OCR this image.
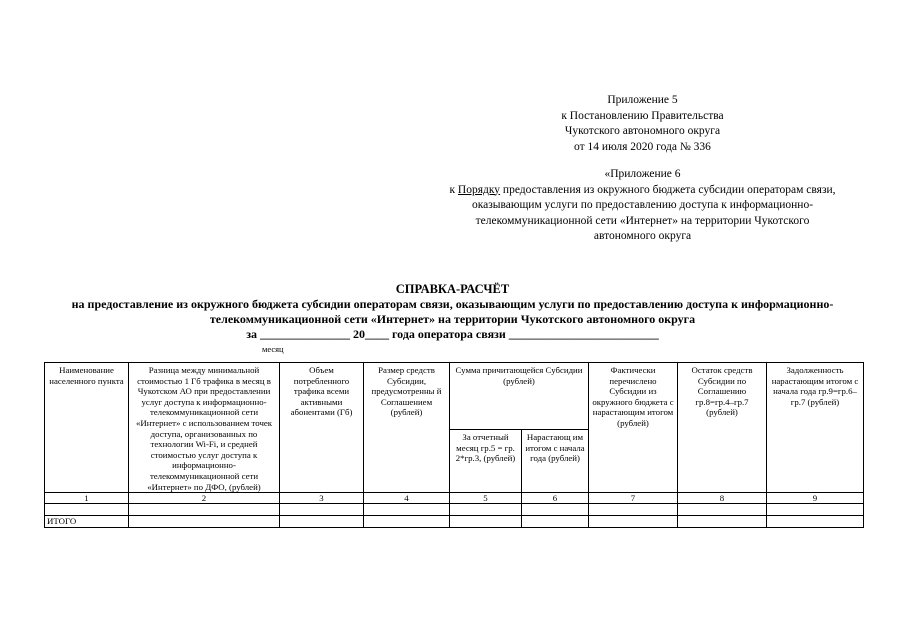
Приложение 5
к Постановлению Правительства
Чукотского автономного округа
от 14 июля 2020 года № 336
«Приложение 6
к Порядку предоставления из окружного бюджета субсидии операторам связи,
оказывающим услуги по предоставлению доступа к информационно-
телекоммуникационной сети «Интернет» на территории Чукотского
автономного округа
СПРАВКА-РАСЧЁТ
на предоставление из окружного бюджета субсидии операторам связи, оказывающим услуги по предоставлению доступа к информационно-
телекоммуникационной сети «Интернет» на территории Чукотского автономного округа
за _______________ 20____ года оператора связи _________________________
месяц
Наименование населенного пункта	Разница между минимальной стоимостью 1 Гб трафика в месяц в Чукотском АО при предоставлении услуг доступа к информационно-телекоммуникационной сети «Интернет» с использованием точек доступа, организованных по технологии Wi-Fi, и средней стоимостью услуг доступа к информационно-телекоммуникационной сети «Интернет» по ДФО, (рублей)	Объем потребленного трафика всеми активными абонентами (Гб)	Размер средств Субсидии, предусмотренны й Соглашением (рублей)	Сумма причитающейся Субсидии (рублей)		Фактически перечислено Субсидии из окружного бюджета с нарастающим итогом (рублей)	Остаток средств Субсидии по Соглашению гр.8=гр.4–гр.7 (рублей)	Задолженность нарастающим итогом с начала года гр.9=гр.6–гр.7 (рублей)
				За отчетный месяц гр.5 = гр. 2*гр.3, (рублей)	Нарастающ им итогом с начала года (рублей)			
1	2	3	4	5	6	7	8	9

ИТОГО								
